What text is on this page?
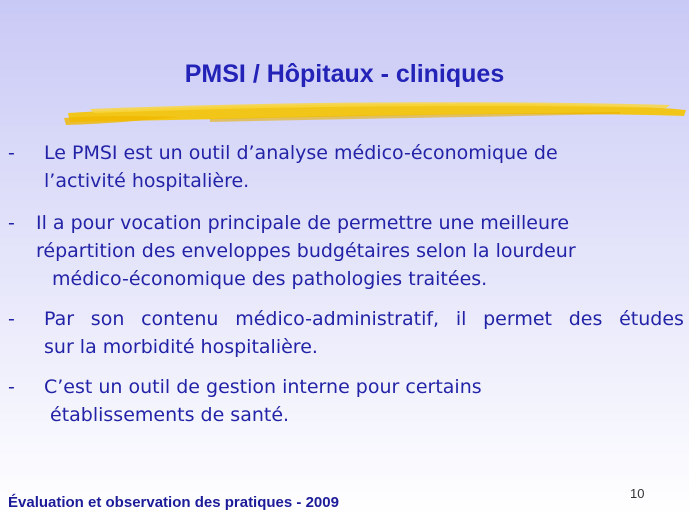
PMSI / Hôpitaux - cliniques
- Le PMSI est un outil d’analyse médico-économique de
l’activité hospitalière.
- Il a pour vocation principale de permettre une meilleure
répartition des enveloppes budgétaires selon la lourdeur
médico-économique des pathologies traitées.
- Par son contenu médico-administratif, il permet des études
sur la morbidité hospitalière.
- C’est un outil de gestion interne pour certains
établissements de santé.
10
Évaluation et observation des pratiques - 2009
